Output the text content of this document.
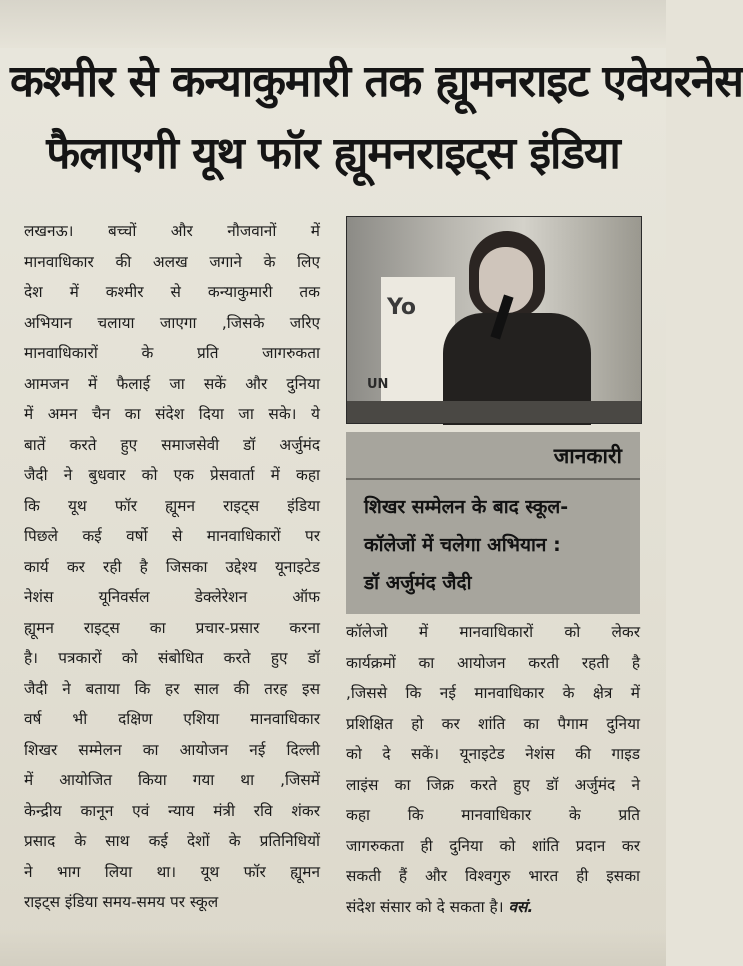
कश्मीर से कन्याकुमारी तक ह्यूमनराइट एवेयरनेस
फैलाएगी यूथ फॉर ह्यूमनराइट्स इंडिया

लखनऊ। बच्चों और नौजवानों में
मानवाधिकार की अलख जगाने के लिए
देश में कश्मीर से कन्याकुमारी तक
अभियान चलाया जाएगा ,जिसके जरिए
मानवाधिकारों के प्रति जागरुकता
आमजन में फैलाई जा सकें और दुनिया
में अमन चैन का संदेश दिया जा सके। ये
बातें करते हुए समाजसेवी डॉ अर्जुमंद
जैदी ने बुधवार को एक प्रेसवार्ता में कहा
कि यूथ फॉर ह्यूमन राइट्स इंडिया
पिछले कई वर्षो से मानवाधिकारों पर
कार्य कर रही है जिसका उद्देश्य यूनाइटेड
नेशंस यूनिवर्सल डेक्लेरेशन ऑफ
ह्यूमन राइट्स का प्रचार-प्रसार करना
है। पत्रकारों को संबोधित करते हुए डॉ
जैदी ने बताया कि हर साल की तरह इस
वर्ष भी दक्षिण एशिया मानवाधिकार
शिखर सम्मेलन का आयोजन नई दिल्ली
में आयोजित किया गया था ,जिसमें
केन्द्रीय कानून एवं न्याय मंत्री रवि शंकर
प्रसाद के साथ कई देशों के प्रतिनिधियों
ने भाग लिया था। यूथ फॉर ह्यूमन
राइट्स इंडिया समय-समय पर स्कूल

Yo
UN
जानकारी
शिखर सम्मेलन के बाद स्कूल-
कॉलेजों में चलेगा अभियान :
डॉ अर्जुमंद जैदी

कॉलेजो में मानवाधिकारों को लेकर
कार्यक्रमों का आयोजन करती रहती है
,जिससे कि नई मानवाधिकार के क्षेत्र में
प्रशिक्षित हो कर शांति का पैगाम दुनिया
को दे सकें। यूनाइटेड नेशंस की गाइड
लाइंस का जिक्र करते हुए डॉ अर्जुमंद ने
कहा कि मानवाधिकार के प्रति
जागरुकता ही दुनिया को शांति प्रदान कर
सकती हैं और विश्वगुरु भारत ही इसका
संदेश संसार को दे सकता है। वसं.
